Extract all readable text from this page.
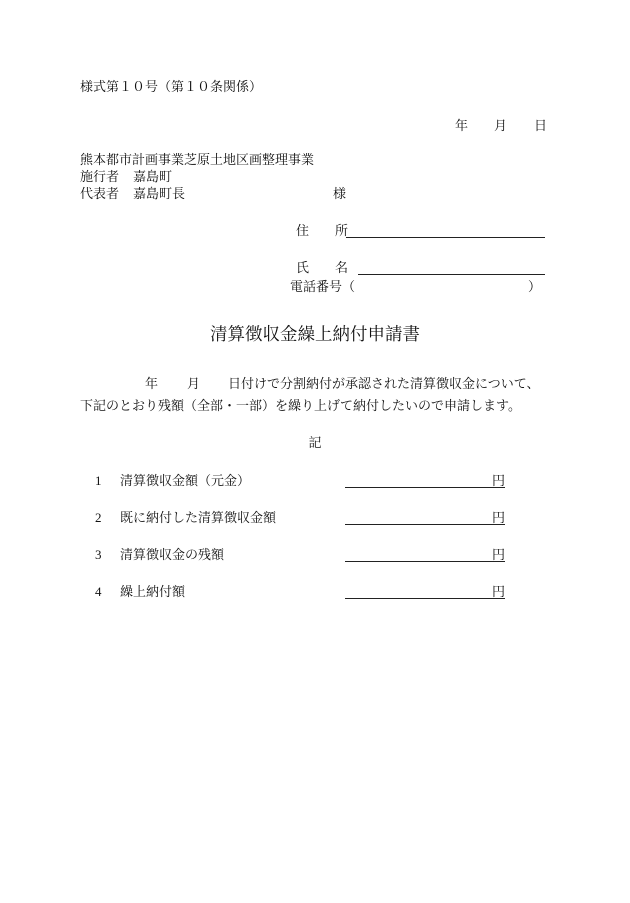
様式第１０号（第１０条関係）
年 月 日
熊本都市計画事業芝原土地区画整理事業
施行者 嘉島町
代表者 嘉島町長	様
住所
氏名
電話番号（	）
清算徴収金繰上納付申請書
年 月 日付けで分割納付が承認された清算徴収金について、
下記のとおり残額（全部・一部）を繰り上げて納付したいので申請します。
記
1 清算徴収金額（元金）	円
2 既に納付した清算徴収金額	円
3 清算徴収金の残額	円
4 繰上納付額	円
